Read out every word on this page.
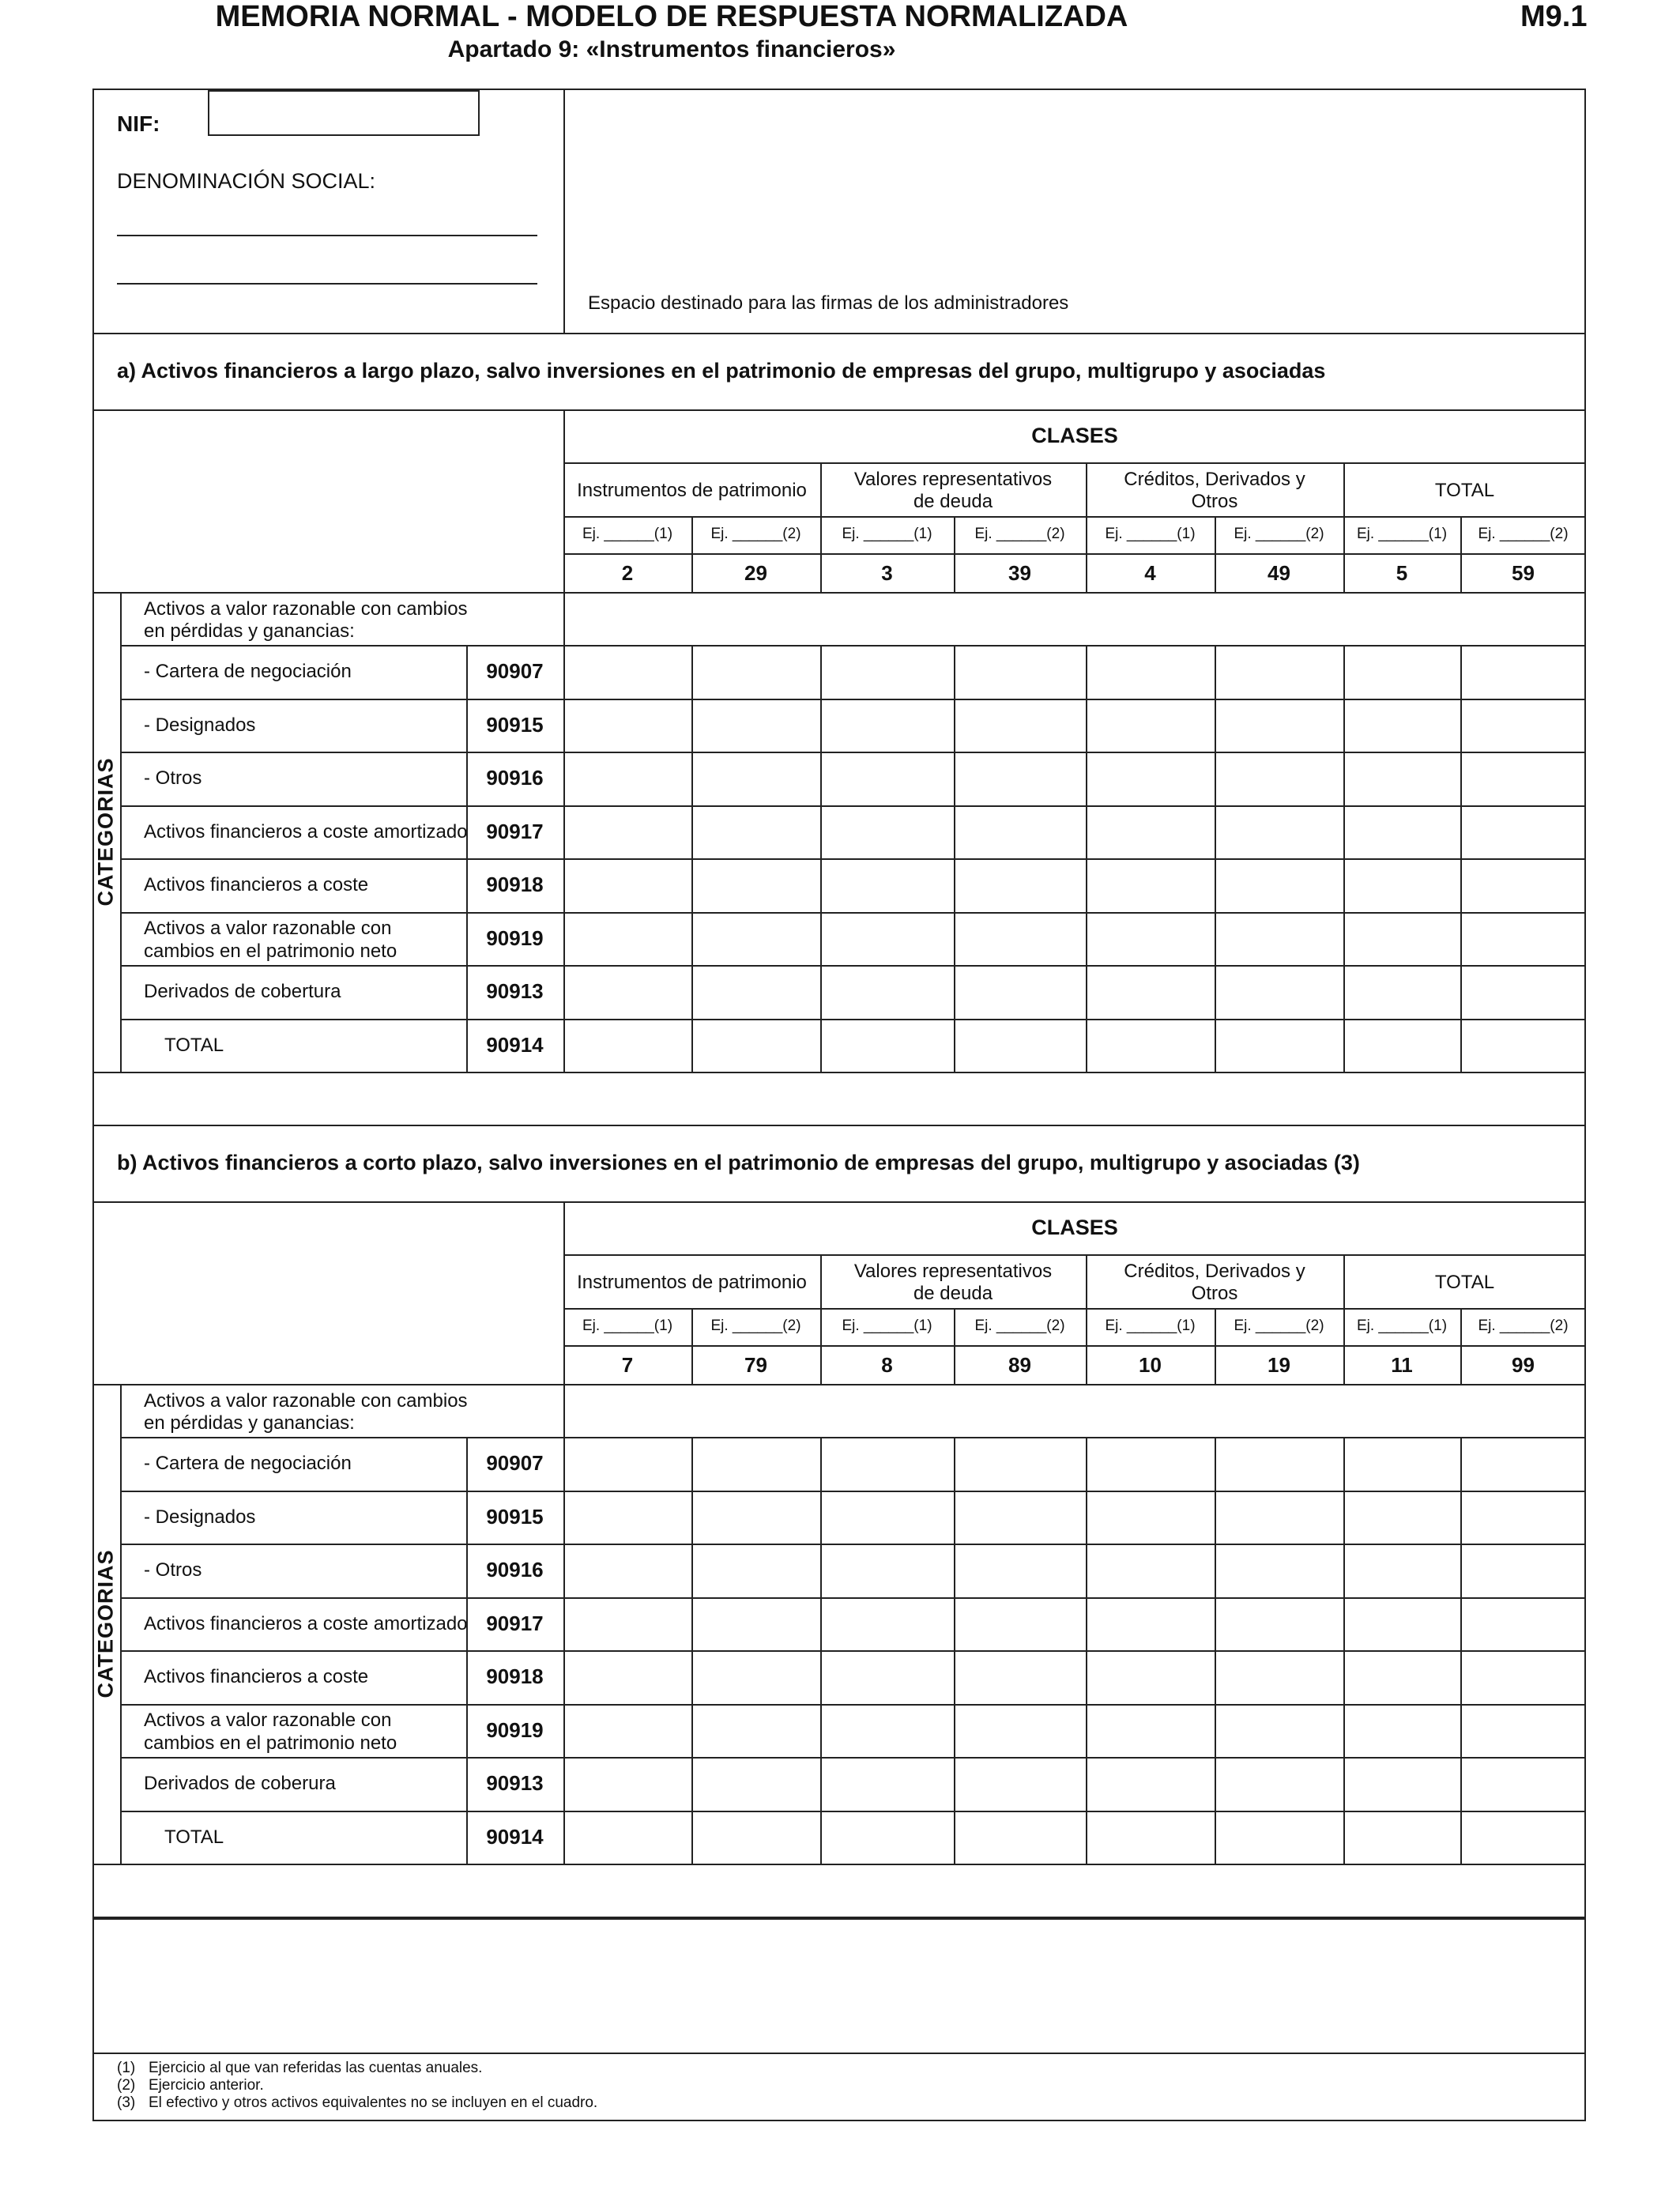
MEMORIA NORMAL - MODELO DE RESPUESTA NORMALIZADA
Apartado 9: «Instrumentos financieros»
M9.1
NIF:
DENOMINACIÓN SOCIAL:
Espacio destinado para las firmas de los administradores
a) Activos financieros a largo plazo, salvo inversiones en el patrimonio de empresas del grupo, multigrupo y asociadas
CLASES
Instrumentos de patrimonio
Valores representativos
de deuda
Créditos, Derivados y
Otros
TOTAL
Ej. ______(1)	Ej. ______(2)	Ej. ______(1)	Ej. ______(2)	Ej. ______(1)	Ej. ______(2)	Ej. ______(1)	Ej. ______(2)
2	29	3	39	4	49	5	59
Activos a valor razonable con cambios
en pérdidas y ganancias:
- Cartera de negociación	90907
- Designados	90915
- Otros	90916
Activos financieros a coste amortizado 90917
Activos financieros a coste	90918
Activos a valor razonable con
cambios en el patrimonio neto
90919
Derivados de cobertura	90913
TOTAL	90914
CATEGORIAS
b) Activos financieros a corto plazo, salvo inversiones en el patrimonio de empresas del grupo, multigrupo y asociadas (3)
CLASES
Instrumentos de patrimonio
Valores representativos
de deuda
Créditos, Derivados y
Otros
TOTAL
Ej. ______(1)	Ej. ______(2)	Ej. ______(1)	Ej. ______(2)	Ej. ______(1)	Ej. ______(2)	Ej. ______(1)	Ej. ______(2)
7	79	8	89	10	19	11	99
Activos a valor razonable con cambios
en pérdidas y ganancias:
- Cartera de negociación	90907
- Designados	90915
- Otros	90916
Activos financieros a coste amortizado 90917
Activos financieros a coste	90918
Activos a valor razonable con
cambios en el patrimonio neto
90919
Derivados de coberura	90913
TOTAL	90914
CATEGORIAS
(1) Ejercicio al que van referidas las cuentas anuales.
(2) Ejercicio anterior.
(3) El efectivo y otros activos equivalentes no se incluyen en el cuadro.
